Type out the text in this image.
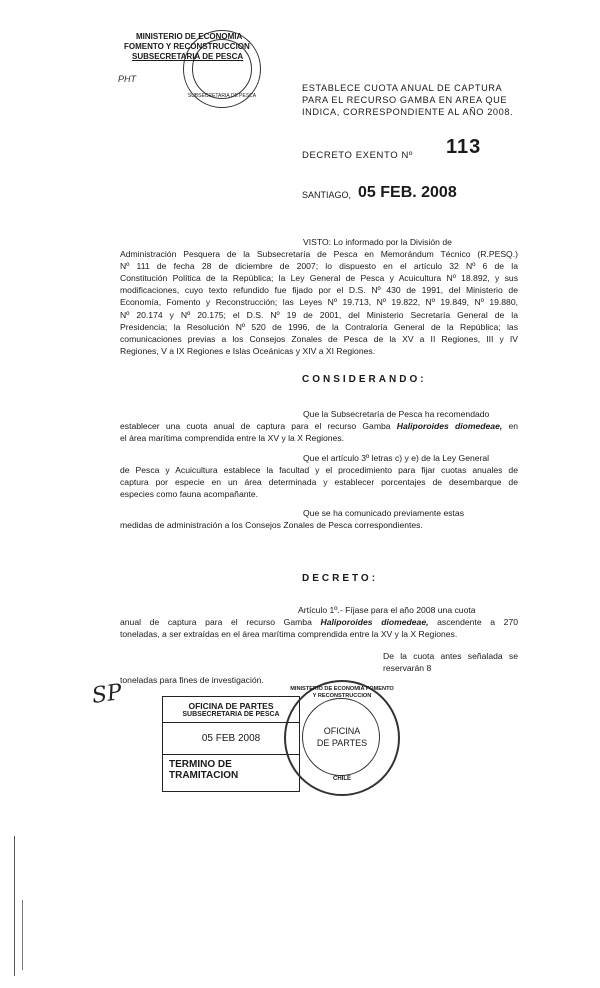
SUBSECRETARIA DE PESCA
MINISTERIO DE ECONOMIA
FOMENTO Y RECONSTRUCCION
SUBSECRETARIA DE PESCA
PHT
ESTABLECE CUOTA ANUAL DE CAPTURA
PARA EL RECURSO GAMBA EN AREA QUE
INDICA, CORRESPONDIENTE AL AÑO 2008.
DECRETO EXENTO Nº 113
SANTIAGO, 05 FEB. 2008
VISTO: Lo informado por la División de
Administración Pesquera de la Subsecretaría de Pesca en Memorándum Técnico (R.PESQ.)
Nº 111 de fecha 28 de diciembre de 2007; lo dispuesto en el artículo 32 Nº 6 de la
Constitución Política de la República; la Ley General de Pesca y Acuicultura Nº 18.892, y sus
modificaciones, cuyo texto refundido fue fijado por el D.S. Nº 430 de 1991, del Ministerio de
Economía, Fomento y Reconstrucción; las Leyes Nº 19.713, Nº 19.822, Nº 19.849, Nº 19.880,
Nº 20.174 y Nº 20.175; el D.S. Nº 19 de 2001, del Ministerio Secretaría General de la
Presidencia; la Resolución Nº 520 de 1996, de la Contraloría General de la República; las
comunicaciones previas a los Consejos Zonales de Pesca de la XV a II Regiones, III y IV
Regiones, V a IX Regiones e Islas Oceánicas y XIV a XI Regiones.
CONSIDERANDO:
Que la Subsecretaría de Pesca ha recomendado
establecer una cuota anual de captura para el recurso Gamba Haliporoides diomedeae, en
el área marítima comprendida entre la XV y la X Regiones.
Que el artículo 3º letras c) y e) de la Ley General
de Pesca y Acuicultura establece la facultad y el procedimiento para fijar cuotas anuales de
captura por especie en un área determinada y establecer porcentajes de desembarque de
especies como fauna acompañante.
Que se ha comunicado previamente estas
medidas de administración a los Consejos Zonales de Pesca correspondientes.
DECRETO:
Artículo 1º.- Fíjase para el año 2008 una cuota
anual de captura para el recurso Gamba Haliporoides diomedeae, ascendente a 270
toneladas, a ser extraídas en el área marítima comprendida entre la XV y la X Regiones.
De la cuota antes señalada se reservarán 8
toneladas para fines de investigación.
SP	OFICINA DE PARTES
SUBSECRETARIA DE PESCA
05 FEB 2008
TERMINO DE TRAMITACION
MINISTERIO DE ECONOMIA FOMENTO Y RECONSTRUCCION
OFICINA
DE PARTES
CHILE
